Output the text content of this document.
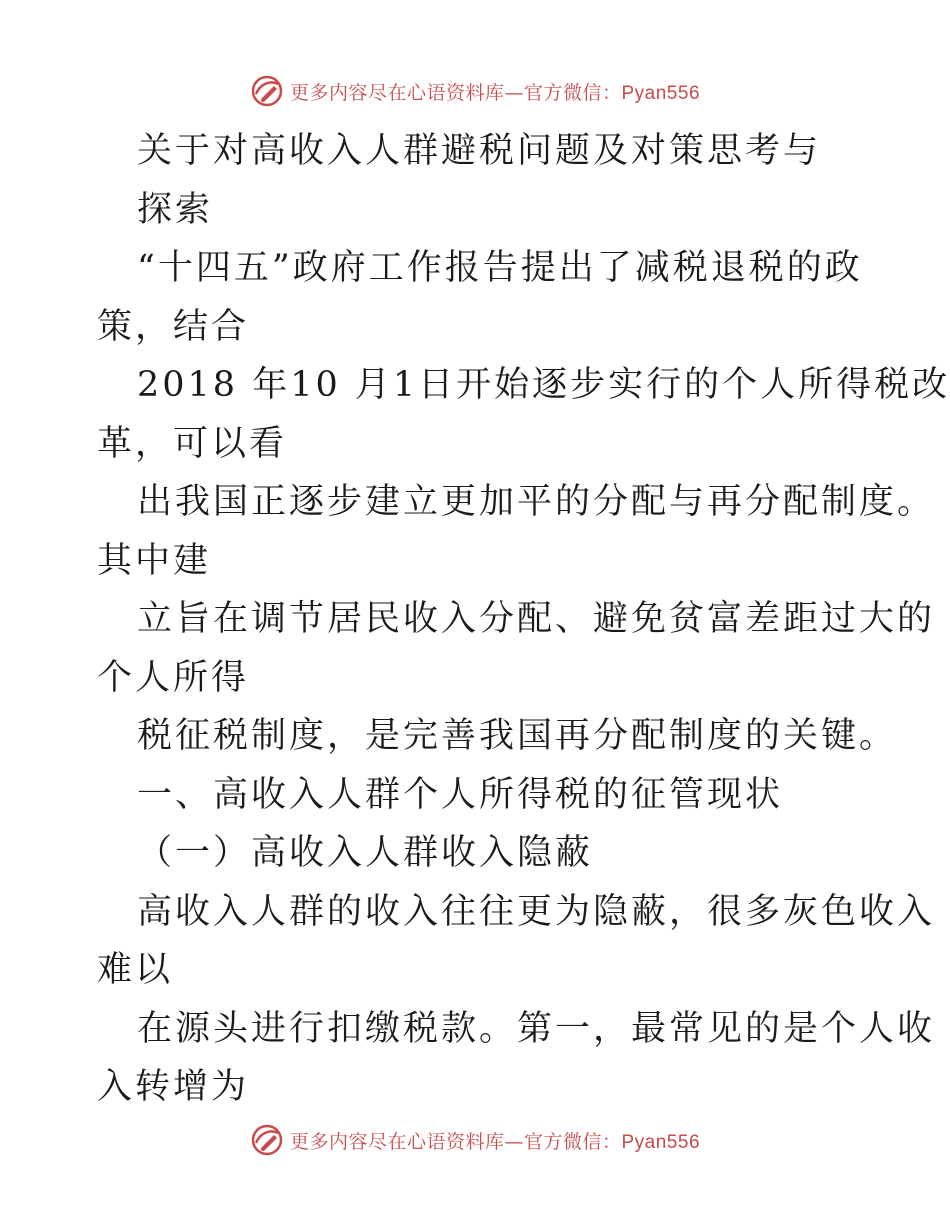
更多内容尽在心语资料库—官方微信：Pyan556
关于对高收入人群避税问题及对策思考与
探索
“十四五”政府工作报告提出了减税退税的政
策，结合
2018 年10 月1日开始逐步实行的个人所得税改
革，可以看
出我国正逐步建立更加平的分配与再分配制度。
其中建
立旨在调节居民收入分配、避免贫富差距过大的
个人所得
税征税制度，是完善我国再分配制度的关键。
一、高收入人群个人所得税的征管现状
（一）高收入人群收入隐蔽
高收入人群的收入往往更为隐蔽，很多灰色收入
难以
在源头进行扣缴税款。第一，最常见的是个人收
入转增为
更多内容尽在心语资料库—官方微信：Pyan556
